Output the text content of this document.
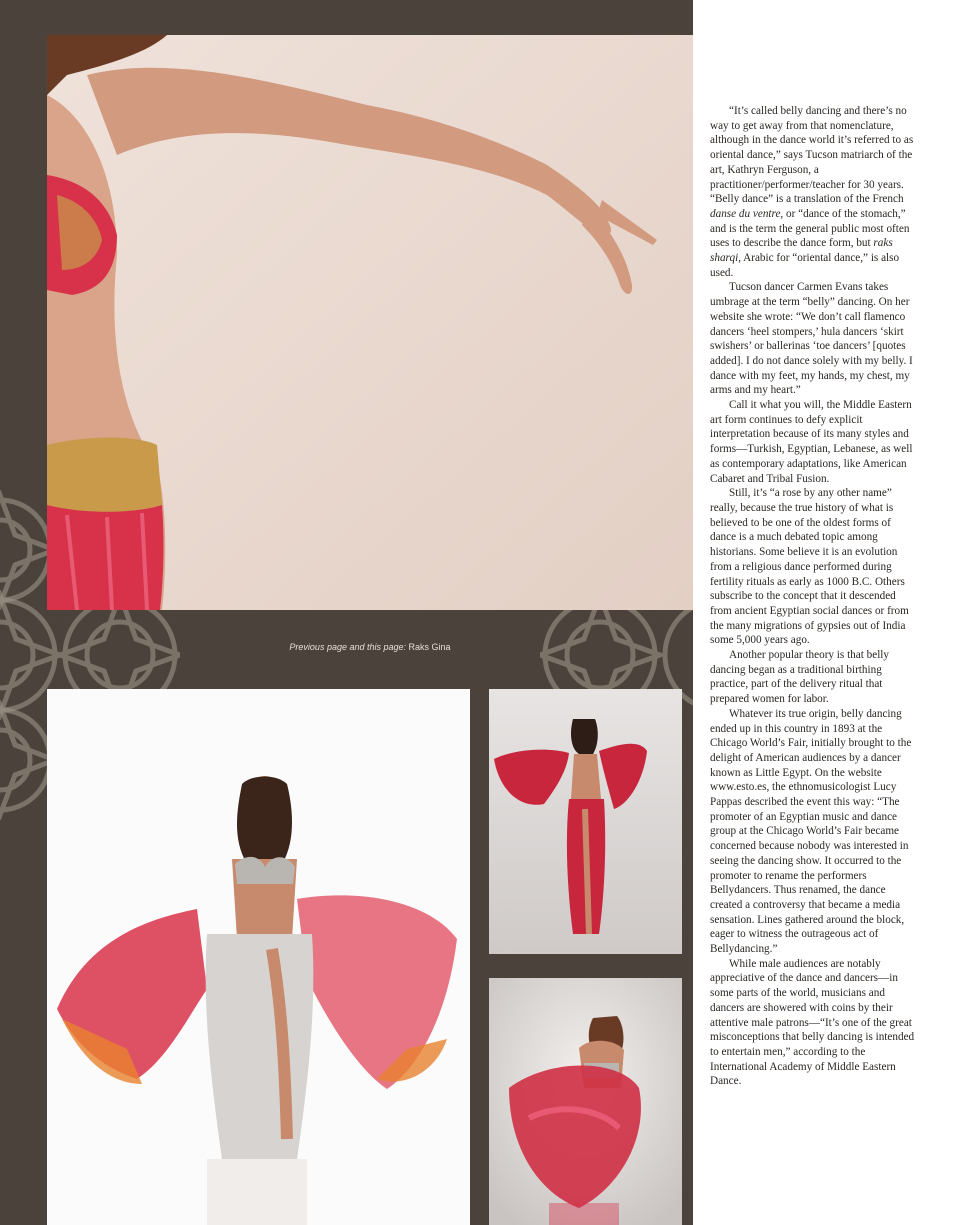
Previous page and this page: Raks Gina

“It’s called belly dancing and there’s no way to get away from that nomenclature, although in the dance world it’s referred to as oriental dance,” says Tucson matriarch of the art, Kathryn Ferguson, a practitioner/performer/teacher for 30 years. “Belly dance” is a translation of the French danse du ventre, or “dance of the stomach,” and is the term the general public most often uses to describe the dance form, but raks sharqi, Arabic for “oriental dance,” is also used.

Tucson dancer Carmen Evans takes umbrage at the term “belly” dancing. On her website she wrote: “We don’t call flamenco dancers ‘heel stompers,’ hula dancers ‘skirt swishers’ or ballerinas ‘toe dancers’ [quotes added]. I do not dance solely with my belly. I dance with my feet, my hands, my chest, my arms and my heart.”

Call it what you will, the Middle Eastern art form continues to defy explicit interpretation because of its many styles and forms—Turkish, Egyptian, Lebanese, as well as contemporary adaptations, like American Cabaret and Tribal Fusion.

Still, it’s “a rose by any other name” really, because the true history of what is believed to be one of the oldest forms of dance is a much debated topic among historians. Some believe it is an evolution from a religious dance performed during fertility rituals as early as 1000 B.C. Others subscribe to the concept that it descended from ancient Egyptian social dances or from the many migrations of gypsies out of India some 5,000 years ago.

Another popular theory is that belly dancing began as a traditional birthing practice, part of the delivery ritual that prepared women for labor.

Whatever its true origin, belly dancing ended up in this country in 1893 at the Chicago World’s Fair, initially brought to the delight of American audiences by a dancer known as Little Egypt. On the website www.esto.es, the ethnomusicologist Lucy Pappas described the event this way: “The promoter of an Egyptian music and dance group at the Chicago World’s Fair became concerned because nobody was interested in seeing the dancing show. It occurred to the promoter to rename the performers Bellydancers. Thus renamed, the dance created a controversy that became a media sensation. Lines gathered around the block, eager to witness the outrageous act of Bellydancing.”

While male audiences are notably appreciative of the dance and dancers—in some parts of the world, musicians and dancers are showered with coins by their attentive male patrons—“It’s one of the great misconceptions that belly dancing is intended to entertain men,” according to the International Academy of Middle Eastern Dance.
